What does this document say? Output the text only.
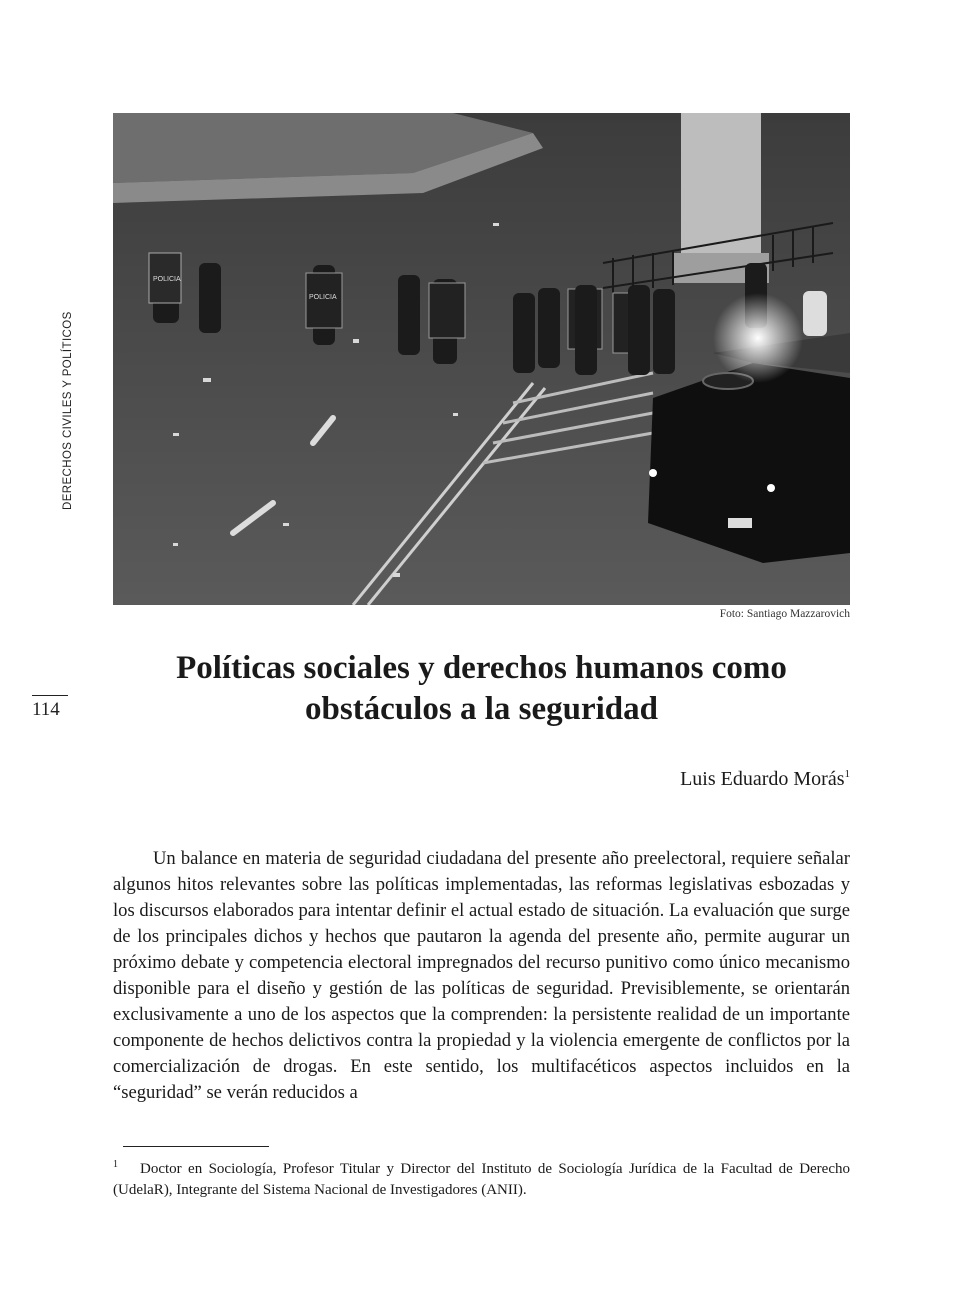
DERECHOS CIVILES Y POLÍTICOS
114
POLICIA
POLICIA
Foto: Santiago Mazzarovich
Políticas sociales y derechos humanos como
obstáculos a la seguridad
Luis Eduardo Morás$^1$

Un balance en materia de seguridad ciudadana del presente año preelectoral, requiere señalar algunos hitos relevantes sobre las políticas implementadas, las reformas legislativas esbozadas y los discursos elaborados para intentar definir el actual estado de situación. La evaluación que surge de los principales dichos y hechos que pautaron la agenda del presente año, permite augurar un próximo debate y competencia electoral impregnados del recurso punitivo como único mecanismo disponible para el diseño y gestión de las políticas de seguridad. Previsiblemente, se orientarán exclusivamente a uno de los aspectos que la comprenden: la persistente realidad de un importante componente de hechos delictivos contra la propiedad y la violencia emergente de conflictos por la comercialización de drogas. En este sentido, los multifacéticos aspectos incluidos en la “seguridad” se verán reducidos a

$^1$ Doctor en Sociología, Profesor Titular y Director del Instituto de Sociología Jurídica de la Facultad de Derecho (UdelaR), Integrante del Sistema Nacional de Investigadores (ANII).
